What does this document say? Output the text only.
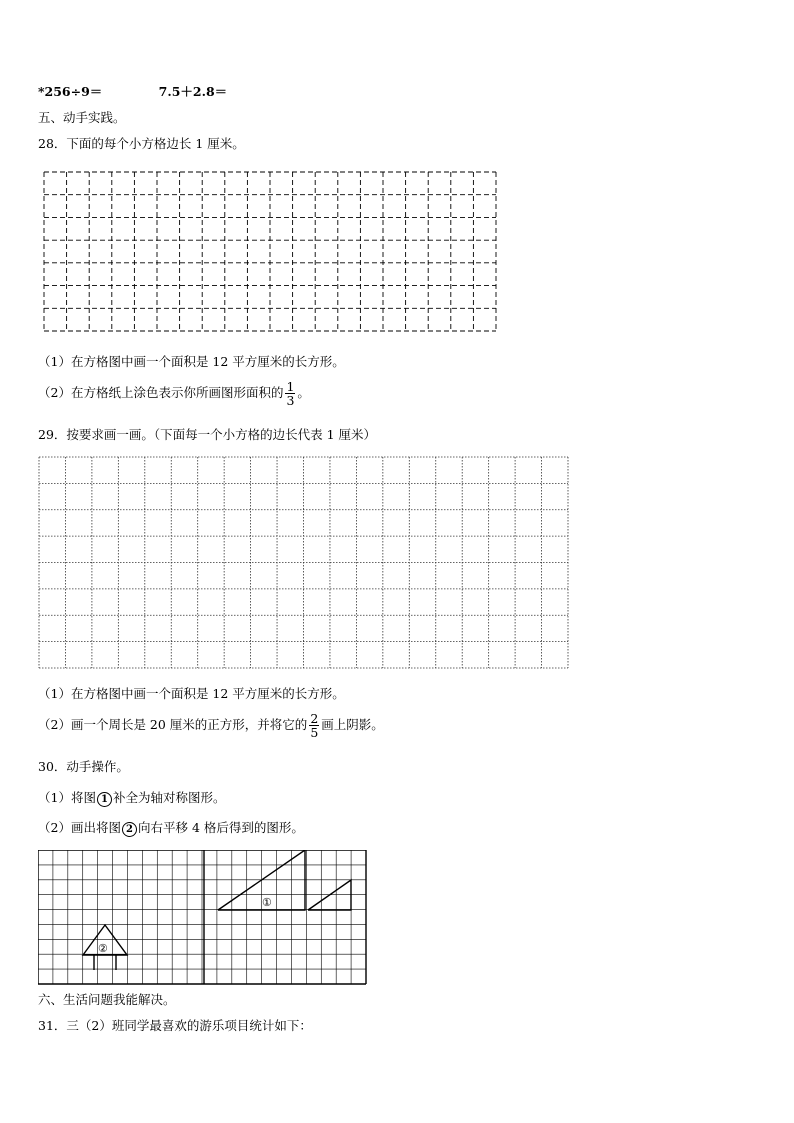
*256÷9＝	7.5＋2.8＝
五、动手实践。
28．下面的每个小方格边长 1 厘米。
（1）在方格图中画一个面积是 12 平方厘米的长方形。
（2）在方格纸上涂色表示你所画图形面积的 $\frac{1}{3}$ 。
29．按要求画一画。（下面每一个小方格的边长代表 1 厘米）
（1）在方格图中画一个面积是 12 平方厘米的长方形。
（2）画一个周长是 20 厘米的正方形，并将它的 $\frac{2}{5}$ 画上阴影。
30．动手操作。
（1）将图 1 补全为轴对称图形。
（2）画出将图 2 向右平移 4 格后得到的图形。
①
②
六、生活问题我能解决。
31．三（2）班同学最喜欢的游乐项目统计如下：
